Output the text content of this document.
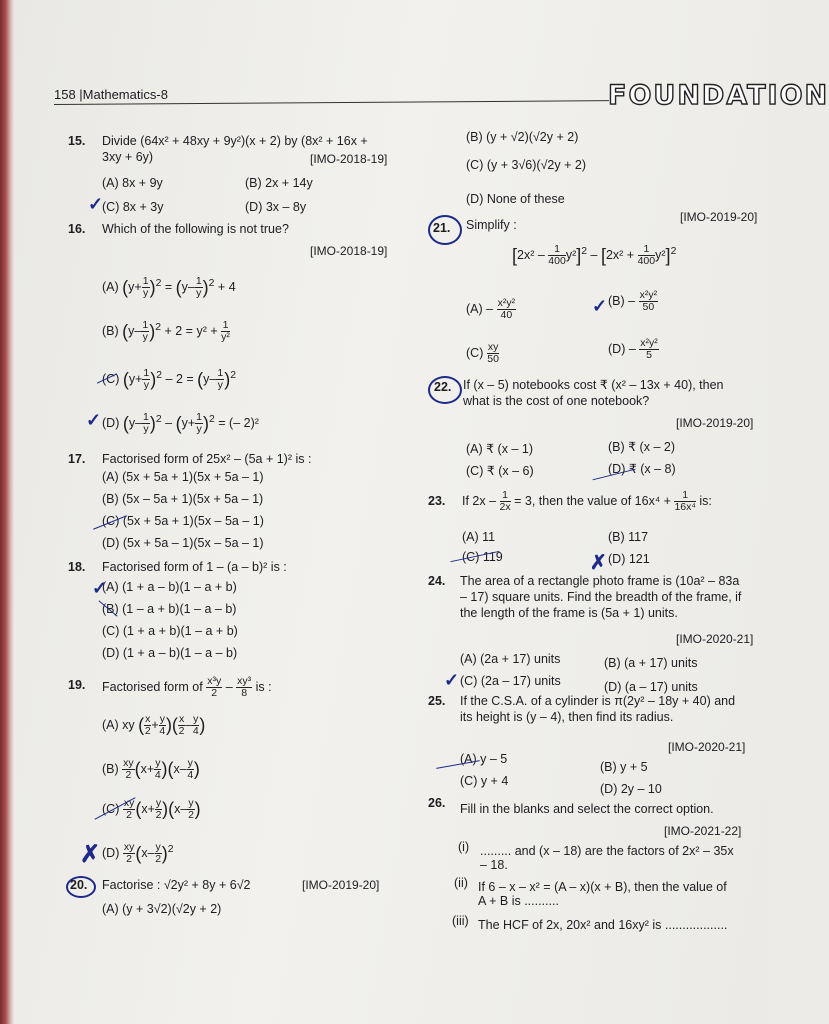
158 |Mathematics-8	FOUNDATION
15. Divide (64x² + 48xy + 9y²)(x + 2) by (8x² + 16x +
3xy + 6y)	[IMO-2018-19]
(A) 8x + 9y	(B) 2x + 14y
(C) 8x + 3y	(D) 3x – 8y
✓
16. Which of the following is not true?
[IMO-2018-19]
(A) $(y+ \frac{1}{y} )^2 = (y- \frac{1}{y} )^2 + 4$
(B) $(y- \frac{1}{y} )^2 + 2 = y^2 + \frac{1}{\text{y²}}$
(C) $(y+ \frac{1}{y} )^2 - 2 = (y- \frac{1}{y} )^2$
(D) $(y- \frac{1}{y} )^2 - (y+ \frac{1}{y} )^2$ = (– 2)²
✓
17. Factorised form of 25x² – (5a + 1)² is :
(A) (5x + 5a + 1)(5x + 5a – 1)
(B) (5x – 5a + 1)(5x + 5a – 1)
(C) (5x + 5a + 1)(5x – 5a – 1)
(D) (5x + 5a – 1)(5x – 5a – 1)
18. Factorised form of 1 – (a – b)² is :
(A) (1 + a – b)(1 – a + b)
(B) (1 – a + b)(1 – a – b)
(C) (1 + a + b)(1 – a + b)
(D) (1 + a – b)(1 – a – b)
✓
19. Factorised form of $\frac{\text{x³y}}{2} - \frac{\text{xy³}}{8}$ is :
(A) xy ( $\frac{x}{2} + \frac{y}{4}$ )( $\frac{x}{2} - \frac{y}{4}$ )
$(B) \frac{xy}{2} (x+ \frac{y}{4} )(x- \frac{y}{4}$ )
$(C) \frac{xy}{2} (x+ \frac{y}{2} )(x- \frac{y}{2}$ )
$(D) \frac{xy}{2} (x- \frac{y}{2} )^2$
✗
20. Factorise : √2y² + 8y + 6√2	[IMO-2019-20]
(A) (y + 3√2)(√2y + 2)
(B) (y + √2)(√2y + 2)
(C) (y + 3√6)(√2y + 2)
(D) None of these
21. Simplify :
[IMO-2019-20]
$[2x^2 - \frac{1}{400} y^2]^2 - [2x^2 + \frac{1}{400} y^2]^2$
$(A) - \frac{\text{x²y²}}{40}$	$(B) - \frac{\text{x²y²}}{50}$
✓
$(C) \frac{xy}{50}$	$(D) - \frac{\text{x²y²}}{5}$
22. If (x – 5) notebooks cost ₹ (x² – 13x + 40), then
what is the cost of one notebook?
[IMO-2019-20]
(A) ₹ (x – 1)	(B) ₹ (x – 2)
(C) ₹ (x – 6)	(D) ₹ (x – 8)
23. If $2x - \frac{1}{2x} = 3$, then the value of $16x^4 + \frac{1}{\text{16x⁴}}$ is:
(A) 11	(B) 117
(C) 119	(D) 121
✗
24. The area of a rectangle photo frame is (10a² – 83a
– 17) square units. Find the breadth of the frame, if
the length of the frame is (5a + 1) units.
[IMO-2020-21]
(A) (2a + 17) units	(B) (a + 17) units
(C) (2a – 17) units	(D) (a – 17) units
✓
25. If the C.S.A. of a cylinder is π(2y² – 18y + 40) and
its height is (y – 4), then find its radius.
[IMO-2020-21]
(A) y – 5
(B) y + 5
(C) y + 4
(D) 2y – 10
26. Fill in the blanks and select the correct option.
[IMO-2021-22]
(i) ......... and (x – 18) are the factors of 2x² – 35x
– 18.
(ii) If 6 – x – x² = (A – x)(x + B), then the value of
A + B is ..........
(iii) The HCF of 2x, 20x² and 16xy² is ..................
